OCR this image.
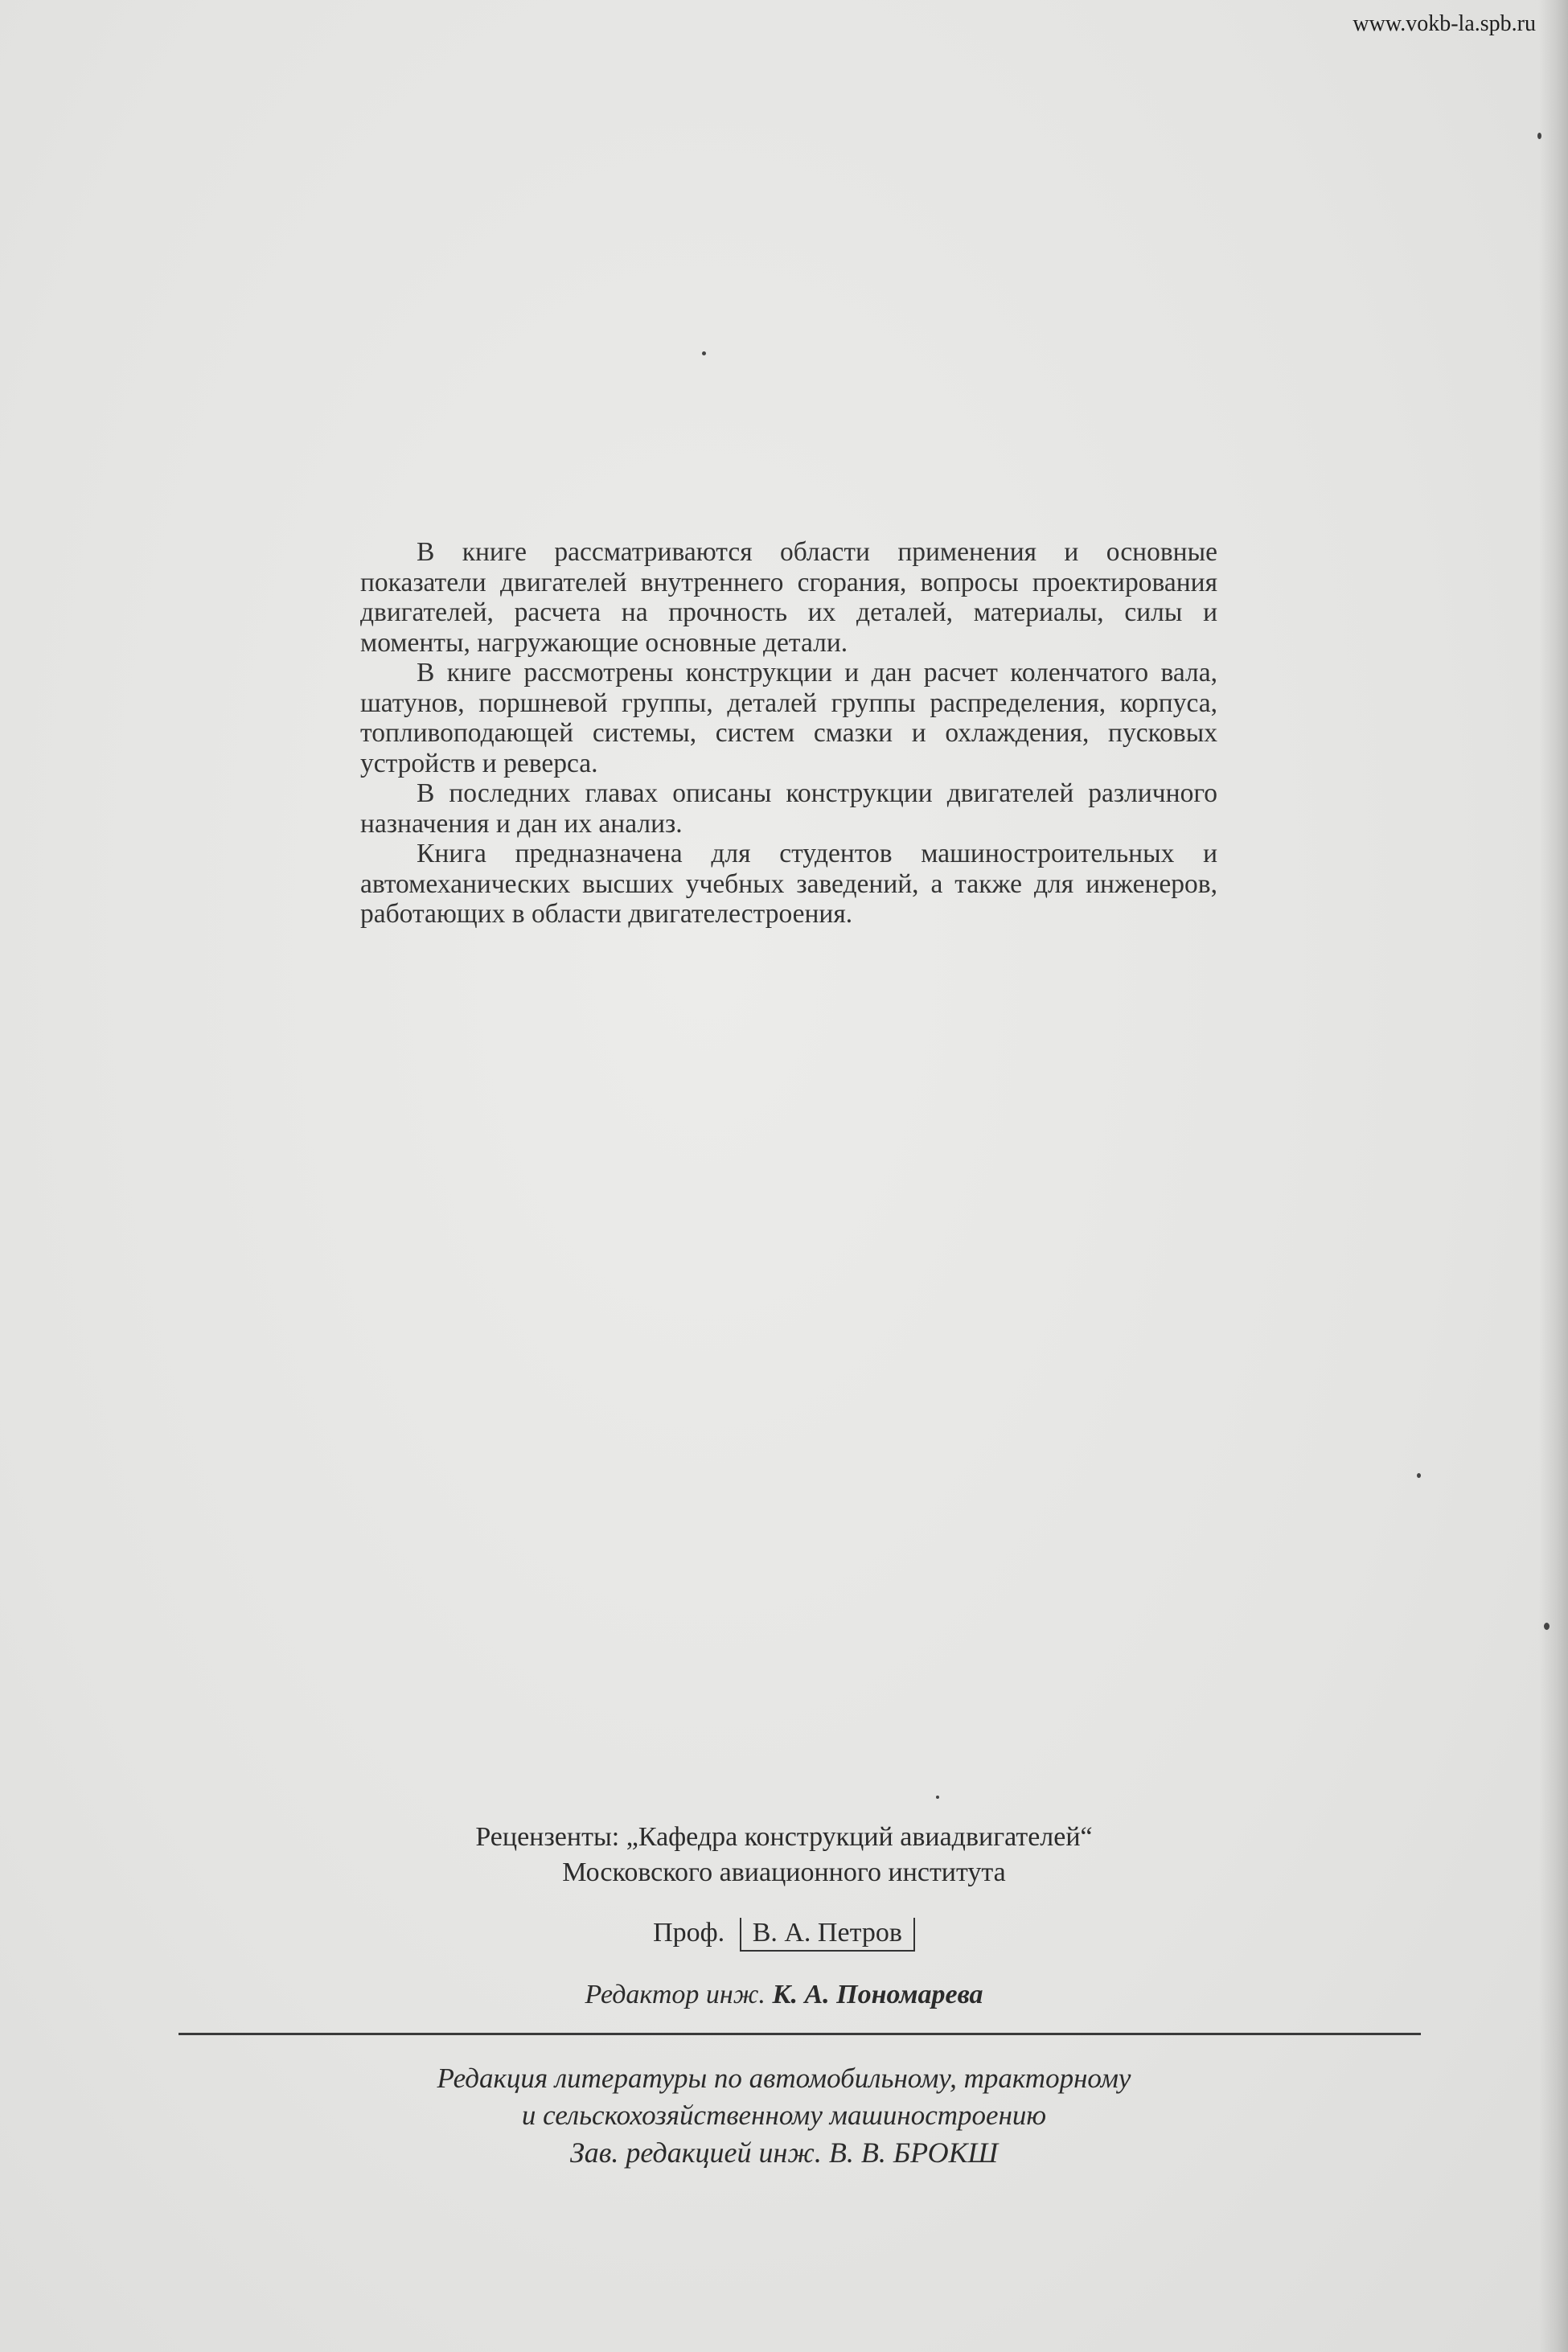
www.vokb-la.spb.ru

В книге рассматриваются области применения и основные показатели двигателей внутреннего сгорания, вопросы проектирования двигателей, расчета на прочность их деталей, материалы, силы и моменты, нагружающие основные детали.

В книге рассмотрены конструкции и дан расчет коленчатого вала, шатунов, поршневой группы, деталей группы распределения, корпуса, топливоподающей системы, систем смазки и охлаждения, пусковых устройств и реверса.

В последних главах описаны конструкции двигателей различного назначения и дан их анализ.

Книга предназначена для студентов машиностроительных и автомеханических высших учебных заведений, а также для инженеров, работающих в области двигателестроения.

Рецензенты: „Кафедра конструкций авиадвигателей“
Московского авиационного института
Проф. В. А. Петров
Редактор инж. К. А. Пономарева
Редакция литературы по автомобильному, тракторному
и сельскохозяйственному машиностроению
Зав. редакцией инж. В. В. БРОКШ
